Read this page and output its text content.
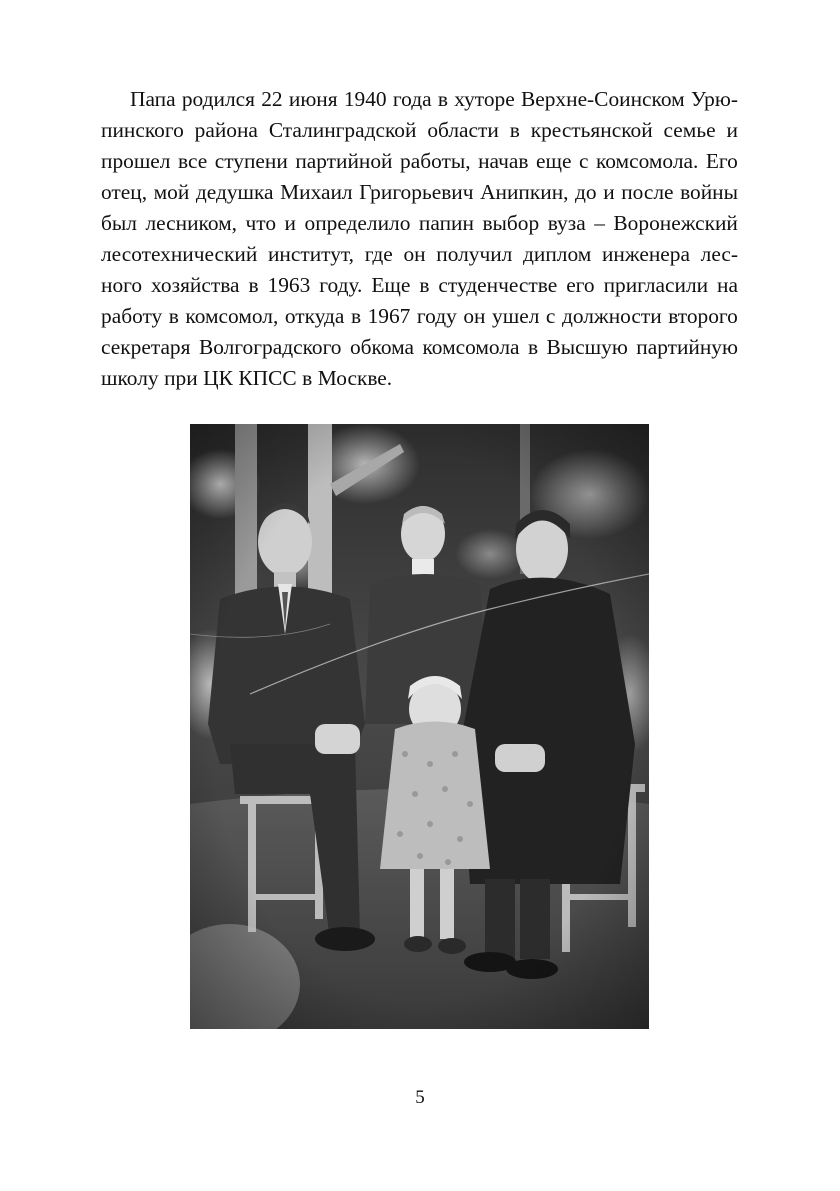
Папа родился 22 июня 1940 года в хуторе Верхне-Соинском Урю-
пинского района Сталинградской области в крестьянской семье и
прошел все ступени партийной работы, начав еще с комсомола. Его
отец, мой дедушка Михаил Григорьевич Анипкин, до и после войны
был лесником, что и определило папин выбор вуза – Воронежский
лесотехнический институт, где он получил диплом инженера лес-
ного хозяйства в 1963 году. Еще в студенчестве его пригласили на
работу в комсомол, откуда в 1967 году он ушел с должности второго
секретаря Волгоградского обкома комсомола в Высшую партийную
школу при ЦК КПСС в Москве.
5
